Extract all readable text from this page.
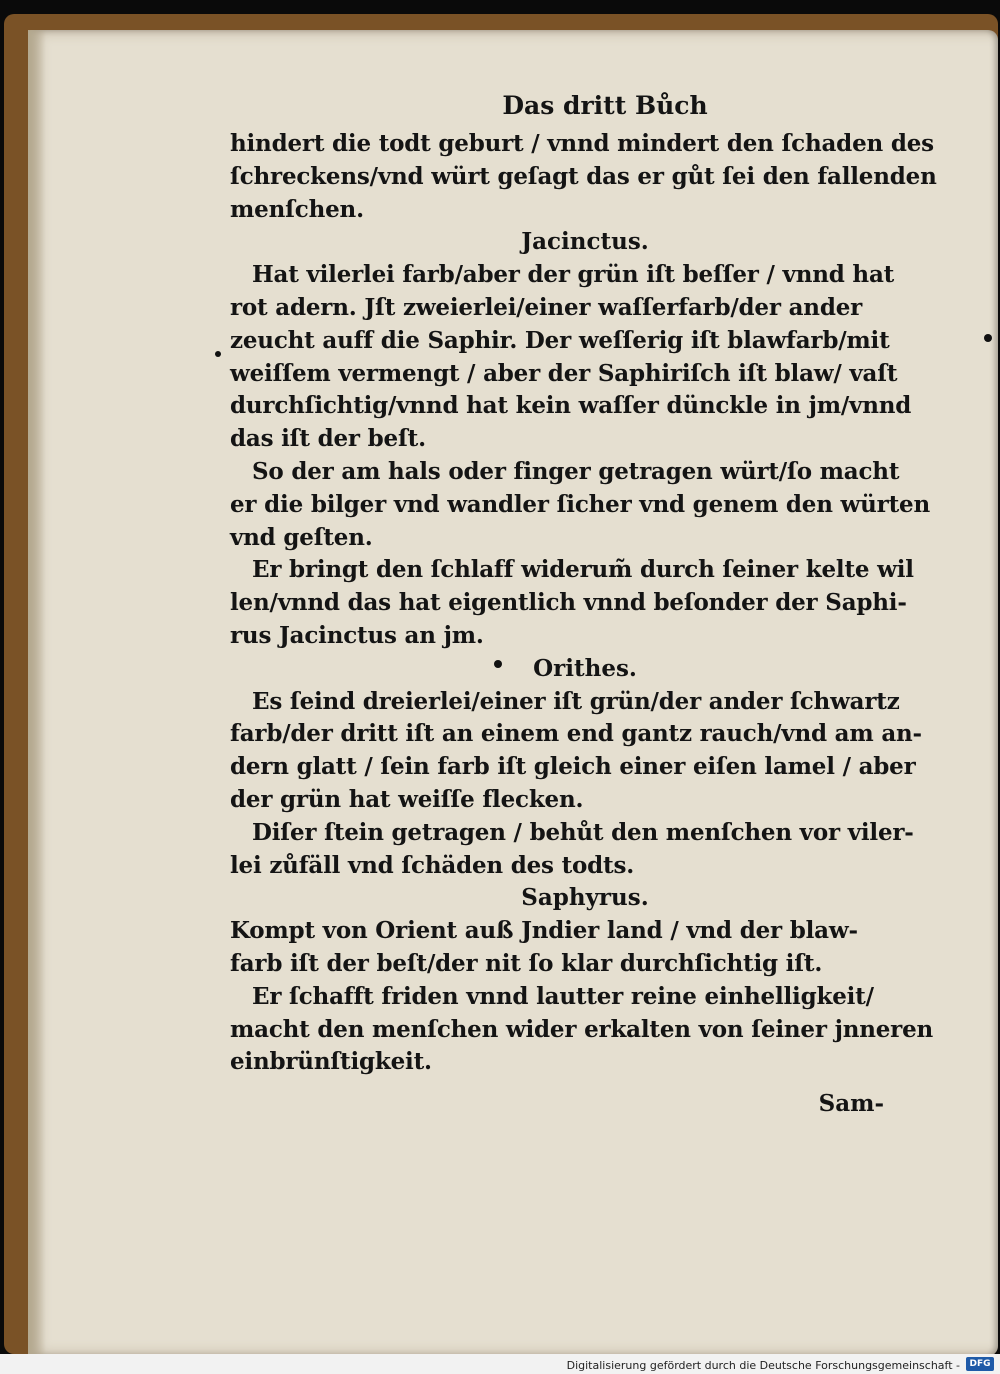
Das dritt Bůch
hindert die todt geburt / vnnd mindert den ſchaden des
ſchreckens/vnd würt geſagt das er gůt ſei den fallenden
menſchen.
Jacinctus.
Hat vilerlei farb/aber der grün iſt beſſer / vnnd hat
rot adern. Jſt zweierlei/einer waſſerfarb/der ander
zeucht auff die Saphir. Der weſſerig iſt blawfarb/mit
weiſſem vermengt / aber der Saphiriſch iſt blaw/ vaſt
durchſichtig/vnnd hat kein waſſer dünckle in jm/vnnd
das iſt der beſt.
So der am hals oder finger getragen würt/ſo macht
er die bilger vnd wandler ſicher vnd genem den würten
vnd geſten.
Er bringt den ſchlaff widerum̃ durch ſeiner kelte wil
len/vnnd das hat eigentlich vnnd beſonder der Saphi‑
rus Jacinctus an jm.
Orithes.
Es ſeind dreierlei/einer iſt grün/der ander ſchwartz
farb/der dritt iſt an einem end gantz rauch/vnd am an‑
dern glatt / ſein farb iſt gleich einer eiſen lamel / aber
der grün hat weiſſe flecken.
Diſer ſtein getragen / behůt den menſchen vor viler‑
lei zůfäll vnd ſchäden des todts.
Saphyrus.
Kompt von Orient auß Jndier land / vnd der blaw‑
farb iſt der beſt/der nit ſo klar durchſichtig iſt.
Er ſchafft friden vnnd lautter reine einhelligkeit/
macht den menſchen wider erkalten von ſeiner jnneren
einbrünſtigkeit.
Sam‑
Digitalisierung gefördert durch die Deutsche Forschungsgemeinschaft -	DFG
